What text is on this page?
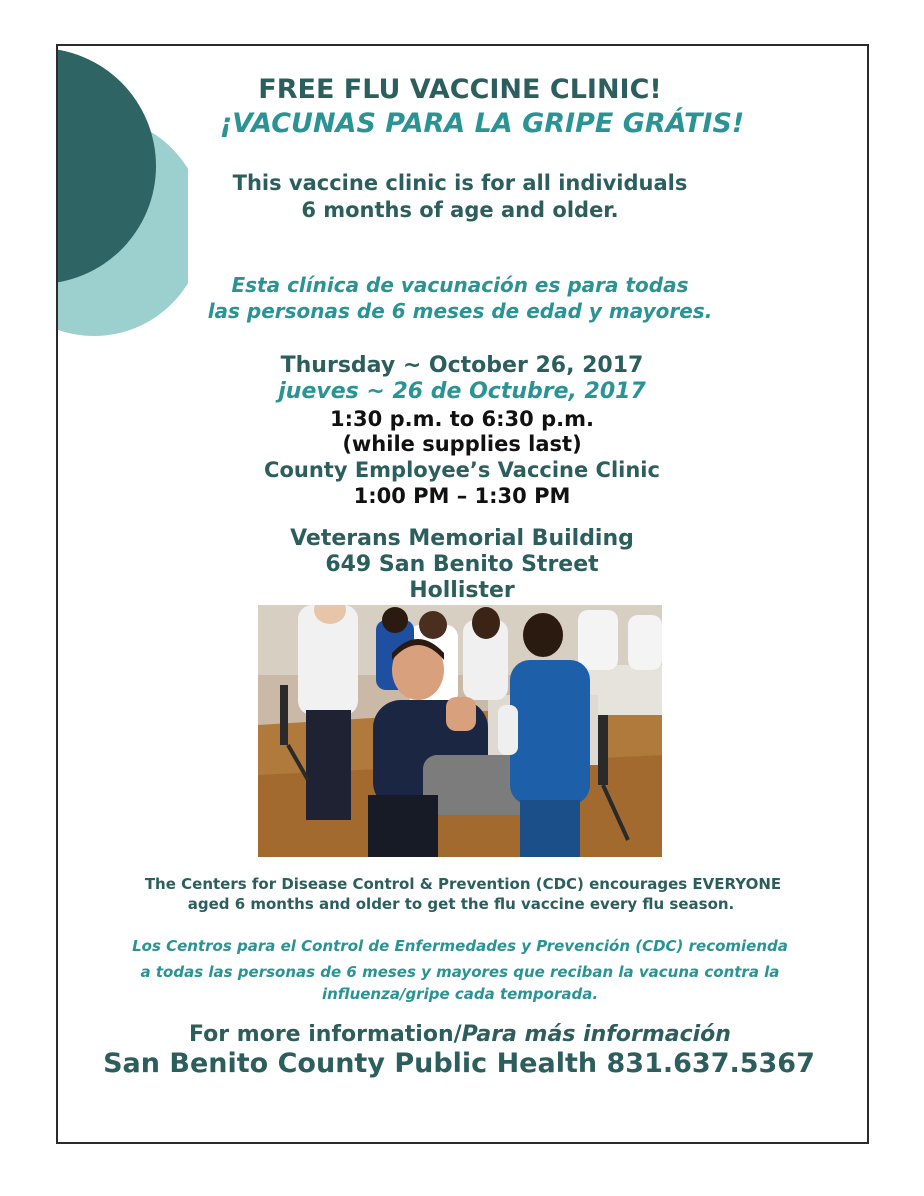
FREE FLU VACCINE CLINIC!
¡VACUNAS PARA LA GRIPE GRÁTIS!
This vaccine clinic is for all individuals
6 months of age and older.
Esta clínica de vacunación es para todas
las personas de 6 meses de edad y mayores.
Thursday ~ October 26, 2017
jueves ~ 26 de Octubre, 2017
1:30 p.m. to 6:30 p.m.
(while supplies last)
County Employee’s Vaccine Clinic
1:00 PM – 1:30 PM
Veterans Memorial Building
649 San Benito Street
Hollister
The Centers for Disease Control & Prevention (CDC) encourages EVERYONE
aged 6 months and older to get the flu vaccine every flu season.
Los Centros para el Control de Enfermedades y Prevención (CDC) recomienda
a todas las personas de 6 meses y mayores que reciban la vacuna contra la
influenza/gripe cada temporada.
For more information/Para más información
San Benito County Public Health 831.637.5367
